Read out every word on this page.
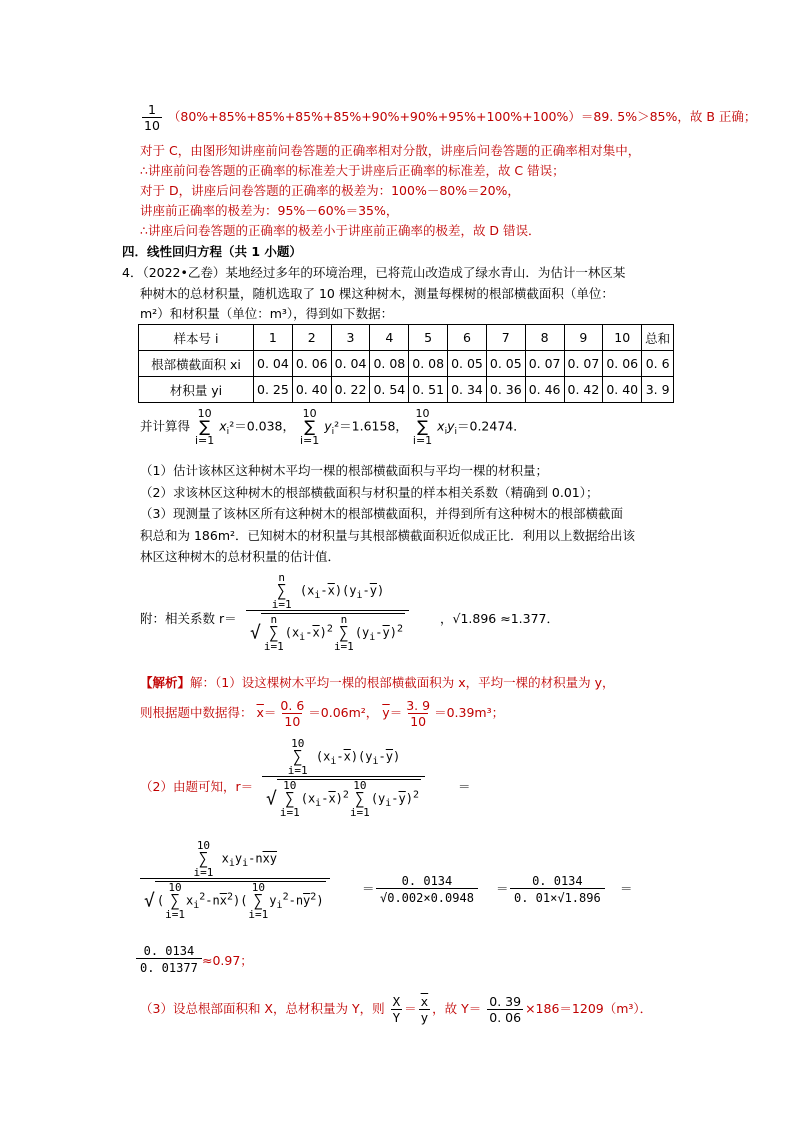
$\frac{1}{10} (80\%+85\%+85\%+85\%+85\%+90\%+90\%+95\%+100\%+100\%)=89$. 5%＞85%，故 B 正确；
对于 C，由图形知讲座前问卷答题的正确率相对分散，讲座后问卷答题的正确率相对集中，
∴讲座前问卷答题的正确率的标准差大于讲座后正确率的标准差，故 C 错误；
对于 D，讲座后问卷答题的正确率的极差为：100%－80%＝20%，
讲座前正确率的极差为：95%－60%＝35%，
∴讲座后问卷答题的正确率的极差小于讲座前正确率的极差，故 D 错误．
四．线性回归方程（共 1 小题）
4．（2022•乙卷）某地经过多年的环境治理，已将荒山改造成了绿水青山．为估计一林区某
种树木的总材积量，随机选取了 10 棵这种树木，测量每棵树的根部横截面积（单位：
m²）和材积量（单位：m³），得到如下数据：
样本号 i	1	2	3	4	5	6	7	8	9	10	总和
根部横截面积 xi	0. 04	0. 06	0. 04	0. 08	0. 08	0. 05	0. 05	0. 07	0. 07	0. 06	0. 6
材积量 yi	0. 25	0. 40	0. 22	0. 54	0. 51	0. 34	0. 36	0. 46	0. 42	0. 40	3. 9
并计算得
10
∑
i=1
$x_i^2=0.038$，
10
∑
i=1
$y_i^2=1.6158$，
10
∑
i=1
$x_iy_i=0.2474$．
（1）估计该林区这种树木平均一棵的根部横截面积与平均一棵的材积量；
（2）求该林区这种树木的根部横截面积与材积量的样本相关系数（精确到 0.01）；
（3）现测量了该林区所有这种树木的根部横截面积，并得到所有这种树木的根部横截面
积总和为 186m²．已知树木的材积量与其根部横截面积近似成正比．利用以上数据给出该
林区这种树木的总材积量的估计值．
附：相关系数 r＝
n
∑
i=1
$(x_i-\overline{x})(y_i-\overline{y})$
√
n
∑
i=1
$(x_i-\overline{x})^2$
n
∑
i=1
$(y_i-\overline{y})^2$
，√1.896 ≈1.377．
【解析】解：（1）设这棵树木平均一棵的根部横截面积为 x，平均一棵的材积量为 y，
则根据题中数据得： $\overline{x}= \frac{0. 6}{10} =0.06m^2$， $\overline{y}= \frac{3. 9}{10} =0.39m^3$；
（2）由题可知，r＝
10
∑
i=1
$(x_i-\overline{x})(y_i-\overline{y})$
√
10
∑
i=1
$(x_i-\overline{x})^2$
10
∑
i=1
$(y_i-\overline{y})^2$
＝
10
∑
i=1
$x_iy_i-n\overline{xy}$
√ (
10
∑
i=1
$x_i^2-n\overline{x}^2$)(
10
∑
i=1
$y_i^2-n\overline{y}^2$)
＝	0. 0134
√0.002×0.0948
＝	0. 0134
0. 01×√1.896
＝
0. 0134
0. 01377 ≈0.97；
（3）设总根部面积和 X，总材积量为 Y，则 $\frac{X}{Y} = \frac{\overline{x}}{y}$ ，故 $Y= \frac{0. 39}{0. 06} \times 186=1209(m^3)$．
